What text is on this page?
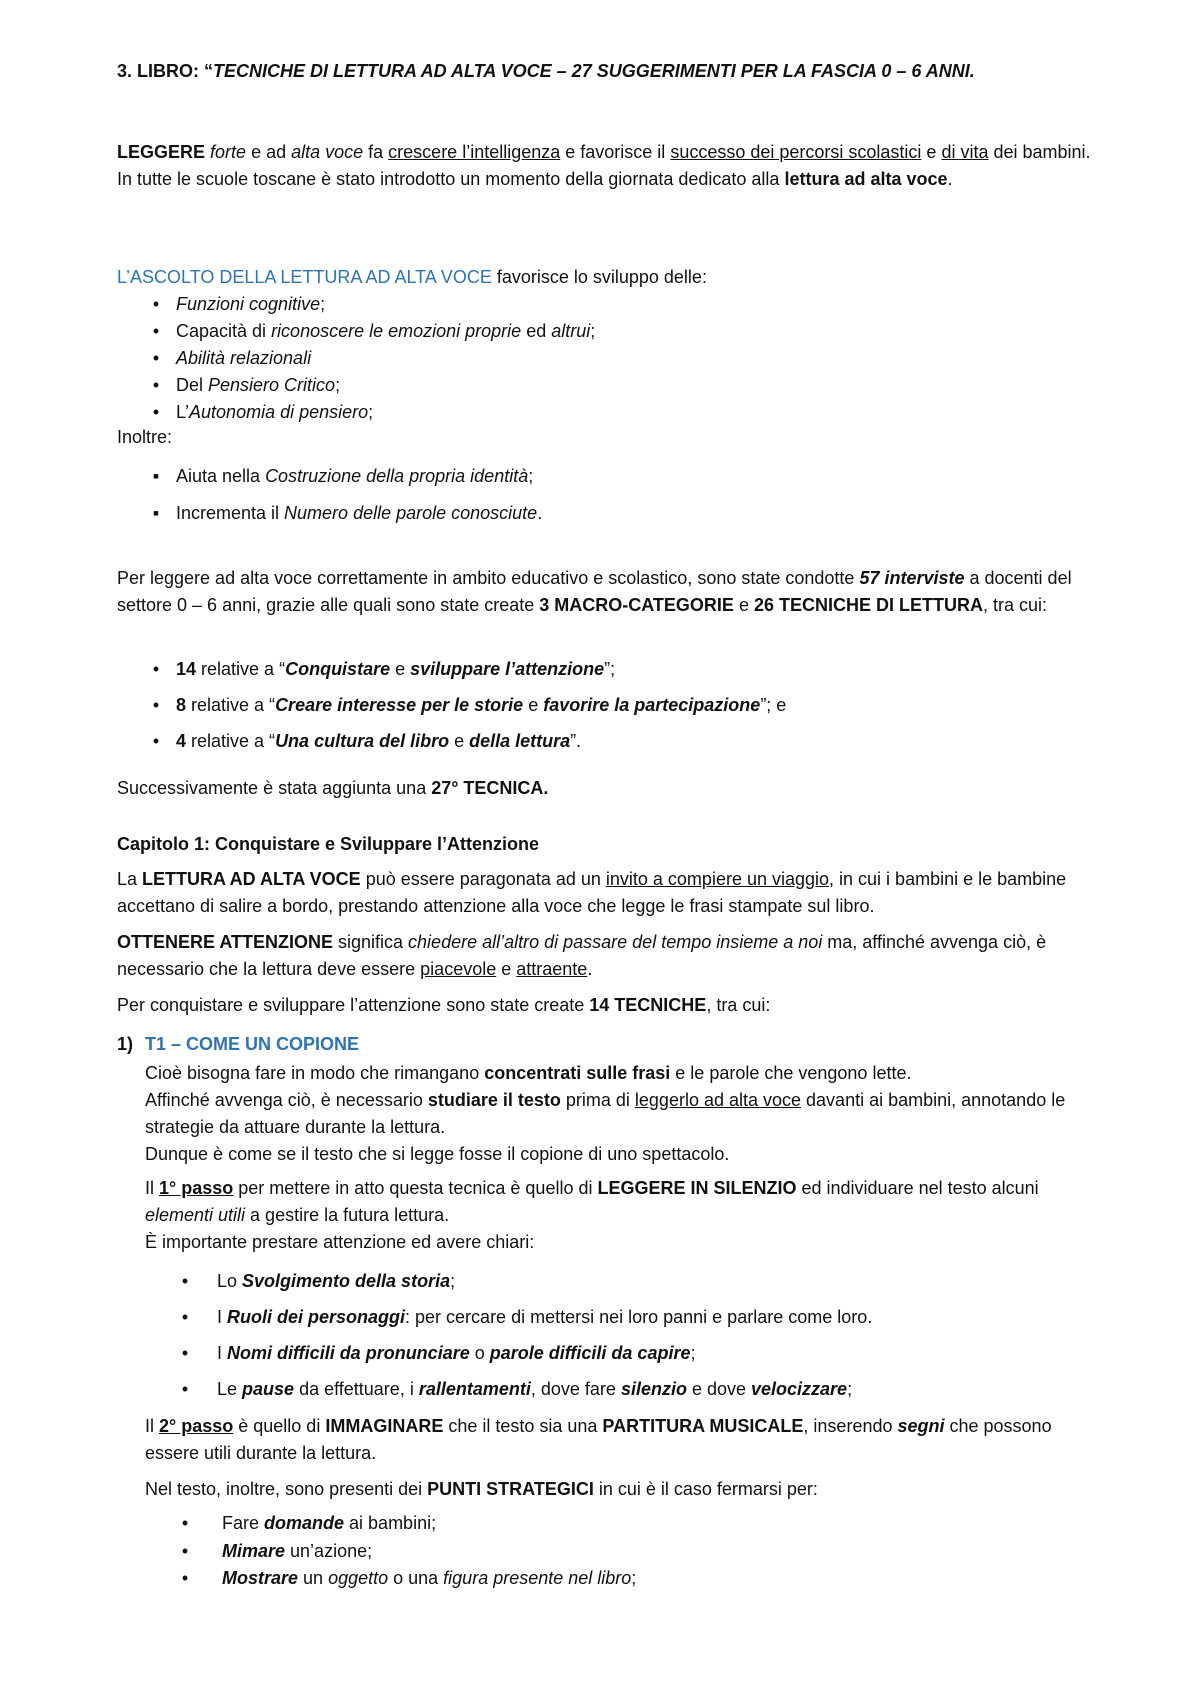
3. LIBRO: “TECNICHE DI LETTURA AD ALTA VOCE – 27 SUGGERIMENTI PER LA FASCIA 0 – 6 ANNI.

LEGGERE forte e ad alta voce fa crescere l’intelligenza e favorisce il successo dei percorsi scolastici e di vita dei bambini. In tutte le scuole toscane è stato introdotto un momento della giornata dedicato alla lettura ad alta voce.

L’ASCOLTO DELLA LETTURA AD ALTA VOCE favorisce lo sviluppo delle:

• Funzioni cognitive;
• Capacità di riconoscere le emozioni proprie ed altrui;
• Abilità relazionali
• Del Pensiero Critico;
• L’Autonomia di pensiero;

Inoltre:

▪ Aiuta nella Costruzione della propria identità;
▪ Incrementa il Numero delle parole conosciute.

Per leggere ad alta voce correttamente in ambito educativo e scolastico, sono state condotte 57 interviste a docenti del settore 0 – 6 anni, grazie alle quali sono state create 3 MACRO-CATEGORIE e 26 TECNICHE DI LETTURA, tra cui:

• 14 relative a “Conquistare e sviluppare l’attenzione”;
• 8 relative a “Creare interesse per le storie e favorire la partecipazione”; e
• 4 relative a “Una cultura del libro e della lettura”.

Successivamente è stata aggiunta una 27° TECNICA.

Capitolo 1: Conquistare e Sviluppare l’Attenzione

La LETTURA AD ALTA VOCE può essere paragonata ad un invito a compiere un viaggio, in cui i bambini e le bambine accettano di salire a bordo, prestando attenzione alla voce che legge le frasi stampate sul libro.

OTTENERE ATTENZIONE significa chiedere all’altro di passare del tempo insieme a noi ma, affinché avvenga ciò, è necessario che la lettura deve essere piacevole e attraente.

Per conquistare e sviluppare l’attenzione sono state create 14 TECNICHE, tra cui:

1) T1 – COME UN COPIONE

Cioè bisogna fare in modo che rimangano concentrati sulle frasi e le parole che vengono lette.

Affinché avvenga ciò, è necessario studiare il testo prima di leggerlo ad alta voce davanti ai bambini, annotando le strategie da attuare durante la lettura.

Dunque è come se il testo che si legge fosse il copione di uno spettacolo.

Il 1° passo per mettere in atto questa tecnica è quello di LEGGERE IN SILENZIO ed individuare nel testo alcuni elementi utili a gestire la futura lettura.

È importante prestare attenzione ed avere chiari:

•	Lo Svolgimento della storia;
•	I Ruoli dei personaggi: per cercare di mettersi nei loro panni e parlare come loro.
•	I Nomi difficili da pronunciare o parole difficili da capire;
•	Le pause da effettuare, i rallentamenti, dove fare silenzio e dove velocizzare;

Il 2° passo è quello di IMMAGINARE che il testo sia una PARTITURA MUSICALE, inserendo segni che possono essere utili durante la lettura.

Nel testo, inoltre, sono presenti dei PUNTI STRATEGICI in cui è il caso fermarsi per:

•	Fare domande ai bambini;
•	Mimare un’azione;
•	Mostrare un oggetto o una figura presente nel libro;
